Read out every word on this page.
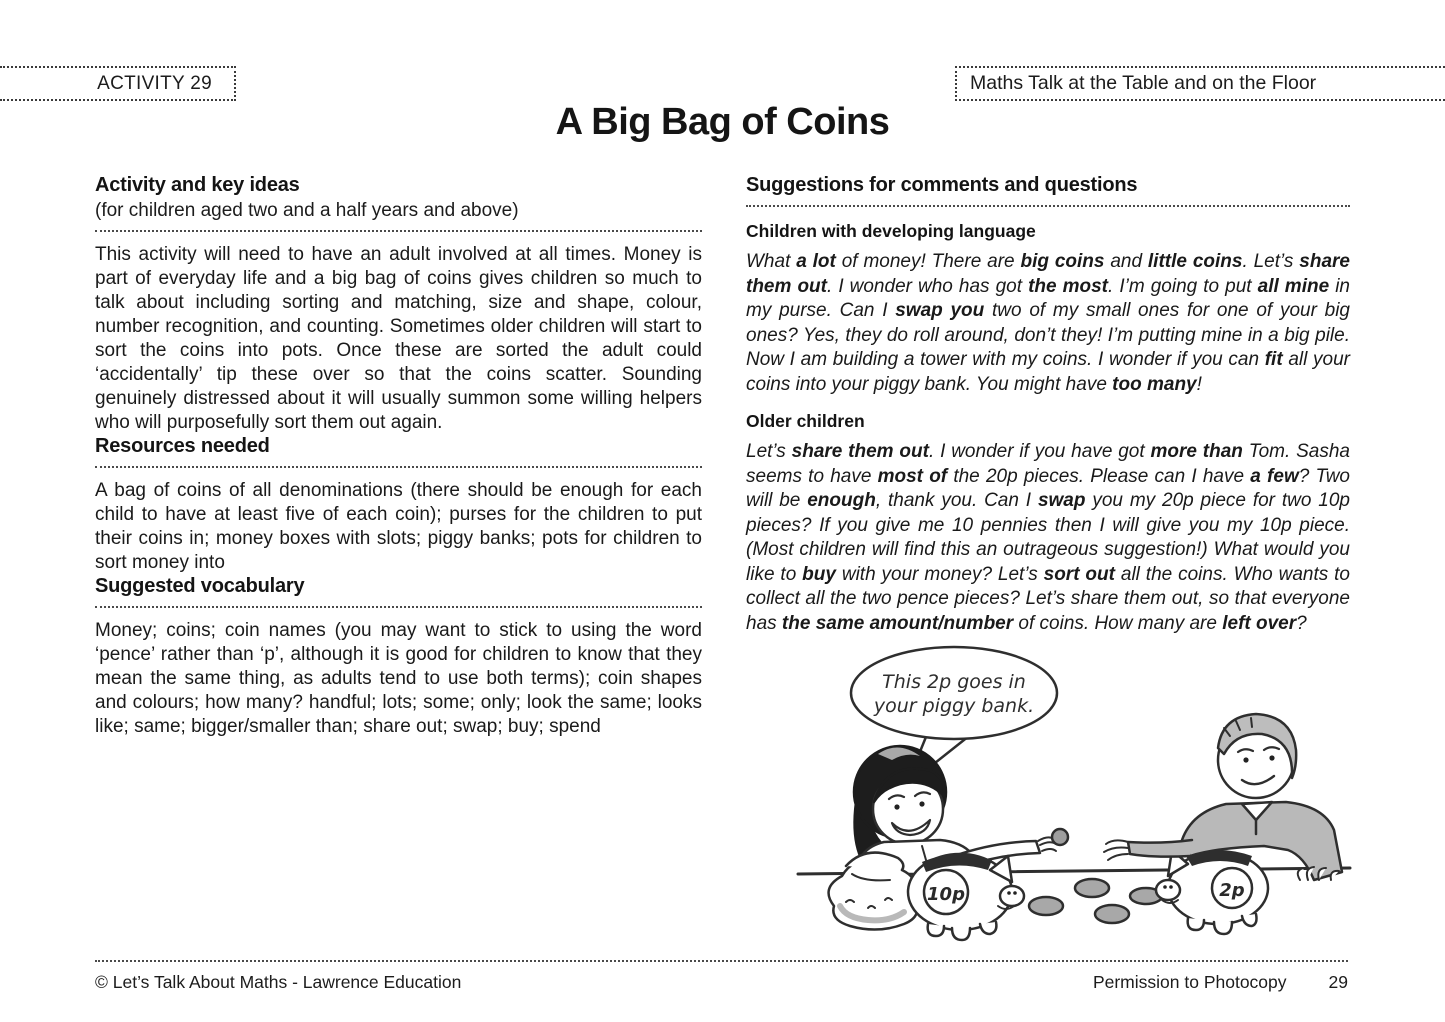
ACTIVITY 29	Maths Talk at the Table and on the Floor
A Big Bag of Coins
Activity and key ideas
(for children aged two and a half years and above)

This activity will need to have an adult involved at all times. Money is part of everyday life and a big bag of coins gives children so much to talk about including sorting and matching, size and shape, colour, number recognition, and counting. Sometimes older children will start to sort the coins into pots. Once these are sorted the adult could ‘accidentally’ tip these over so that the coins scatter. Sounding genuinely distressed about it will usually summon some willing helpers who will purposefully sort them out again.

Resources needed

A bag of coins of all denominations (there should be enough for each child to have at least five of each coin); purses for the children to put their coins in; money boxes with slots; piggy banks; pots for children to sort money into

Suggested vocabulary

Money; coins; coin names (you may want to stick to using the word ‘pence’ rather than ‘p’, although it is good for children to know that they mean the same thing, as adults tend to use both terms); coin shapes and colours; how many? handful; lots; some; only; look the same; looks like; same; bigger/smaller than; share out; swap; buy; spend

Suggestions for comments and questions
Children with developing language

What a lot of money! There are big coins and little coins. Let’s share them out. I wonder who has got the most. I’m going to put all mine in my purse. Can I swap you two of my small ones for one of your big ones? Yes, they do roll around, don’t they! I’m putting mine in a big pile. Now I am building a tower with my coins. I wonder if you can fit all your coins into your piggy bank. You might have too many!

Older children

Let’s share them out. I wonder if you have got more than Tom. Sasha seems to have most of the 20p pieces. Please can I have a few? Two will be enough, thank you. Can I swap you my 20p piece for two 10p pieces? If you give me 10 pennies then I will give you my 10p piece. (Most children will find this an outrageous suggestion!) What would you like to buy with your money? Let’s sort out all the coins. Who wants to collect all the two pence pieces? Let’s share them out, so that everyone has the same amount/number of coins. How many are left over?

10p	2p
This 2p goes in
your piggy bank.
© Let’s Talk About Maths - Lawrence Education	Permission to Photocopy 29
